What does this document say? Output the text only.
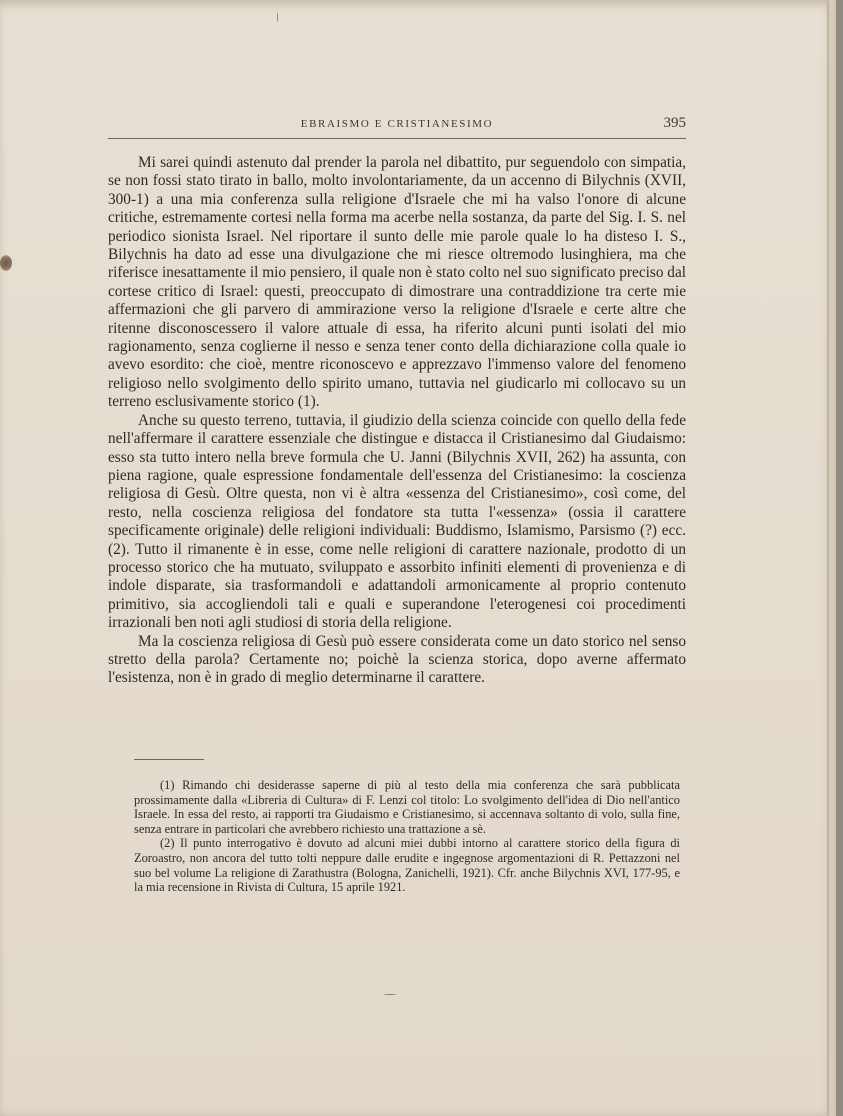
EBRAISMO E CRISTIANESIMO	395

Mi sarei quindi astenuto dal prender la parola nel dibattito, pur seguendolo con simpatia, se non fossi stato tirato in ballo, molto involontariamente, da un accenno di Bilychnis (XVII, 300-1) a una mia conferenza sulla religione d'Israele che mi ha valso l'onore di alcune critiche, estremamente cortesi nella forma ma acerbe nella sostanza, da parte del Sig. I. S. nel periodico sionista Israel. Nel riportare il sunto delle mie parole quale lo ha disteso I. S., Bilychnis ha dato ad esse una divulgazione che mi riesce oltremodo lusinghiera, ma che riferisce inesattamente il mio pensiero, il quale non è stato colto nel suo significato preciso dal cortese critico di Israel: questi, preoccupato di dimostrare una contraddizione tra certe mie affermazioni che gli parvero di ammirazione verso la religione d'Israele e certe altre che ritenne disconoscessero il valore attuale di essa, ha riferito alcuni punti isolati del mio ragionamento, senza coglierne il nesso e senza tener conto della dichiarazione colla quale io avevo esordito: che cioè, mentre riconoscevo e apprezzavo l'immenso valore del fenomeno religioso nello svolgimento dello spirito umano, tuttavia nel giudicarlo mi collocavo su un terreno esclusivamente storico (1).

Anche su questo terreno, tuttavia, il giudizio della scienza coincide con quello della fede nell'affermare il carattere essenziale che distingue e distacca il Cristianesimo dal Giudaismo: esso sta tutto intero nella breve formula che U. Janni (Bilychnis XVII, 262) ha assunta, con piena ragione, quale espressione fondamentale dell'essenza del Cristianesimo: la coscienza religiosa di Gesù. Oltre questa, non vi è altra «essenza del Cristianesimo», così come, del resto, nella coscienza religiosa del fondatore sta tutta l'«essenza» (ossia il carattere specificamente originale) delle religioni individuali: Buddismo, Islamismo, Parsismo (?) ecc. (2). Tutto il rimanente è in esse, come nelle religioni di carattere nazionale, prodotto di un processo storico che ha mutuato, sviluppato e assorbito infiniti elementi di provenienza e di indole disparate, sia trasformandoli e adattandoli armonicamente al proprio contenuto primitivo, sia accogliendoli tali e quali e superandone l'eterogenesi coi procedimenti irrazionali ben noti agli studiosi di storia della religione.

Ma la coscienza religiosa di Gesù può essere considerata come un dato storico nel senso stretto della parola? Certamente no; poichè la scienza storica, dopo averne affermato l'esistenza, non è in grado di meglio determinarne il carattere.

(1) Rimando chi desiderasse saperne di più al testo della mia conferenza che sarà pubblicata prossimamente dalla «Libreria di Cultura» di F. Lenzi col titolo: Lo svolgimento dell'idea di Dio nell'antico Israele. In essa del resto, ai rapporti tra Giudaismo e Cristianesimo, si accennava soltanto di volo, sulla fine, senza entrare in particolari che avrebbero richiesto una trattazione a sè.

(2) Il punto interrogativo è dovuto ad alcuni miei dubbi intorno al carattere storico della figura di Zoroastro, non ancora del tutto tolti neppure dalle erudite e ingegnose argomentazioni di R. Pettazzoni nel suo bel volume La religione di Zarathustra (Bologna, Zanichelli, 1921). Cfr. anche Bilychnis XVI, 177-95, e la mia recensione in Rivista di Cultura, 15 aprile 1921.
